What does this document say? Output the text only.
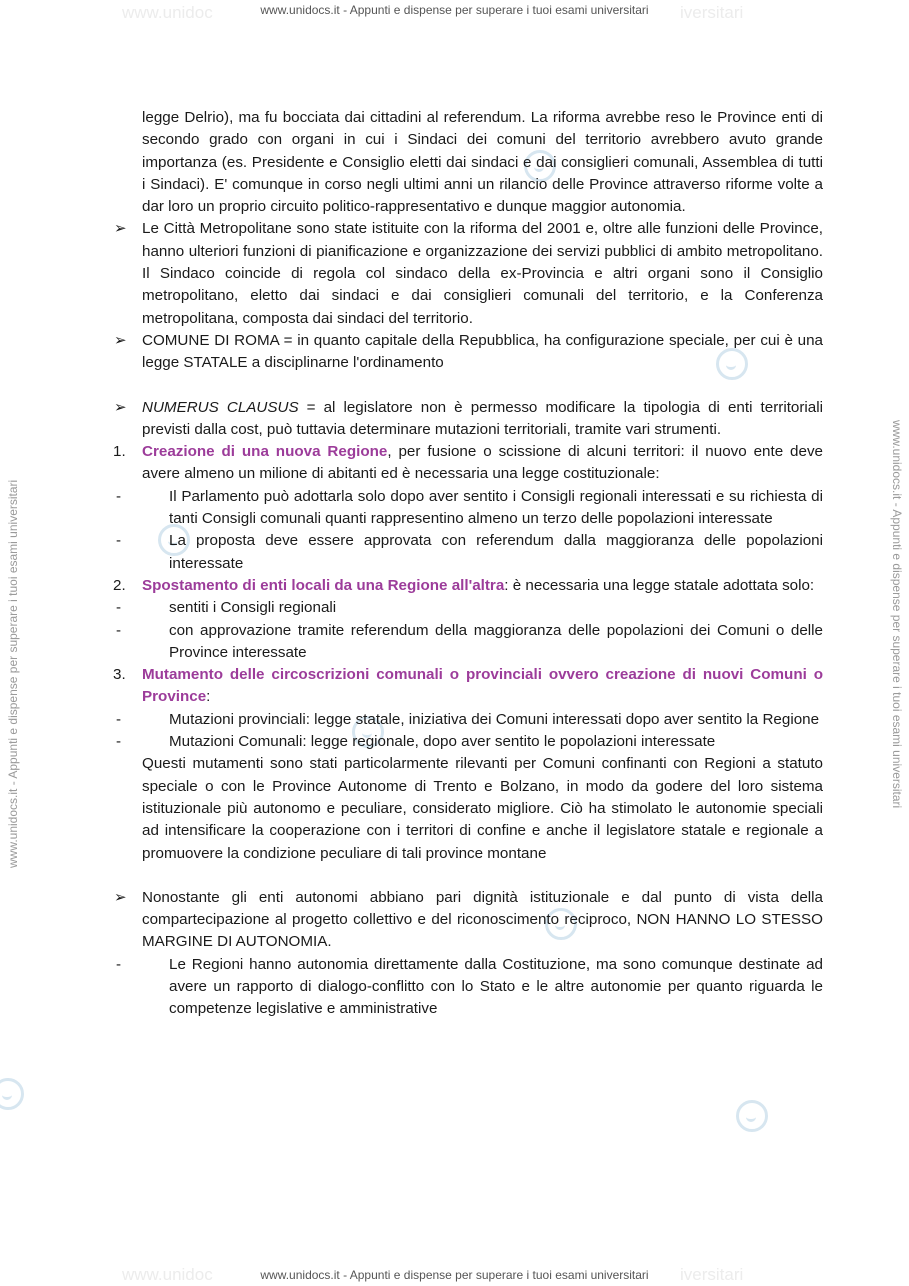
www.unidoc	iversitari
www.unidoc	iversitari
www.unidocs.it - Appunti e dispense per superare i tuoi esami universitari
www.unidocs.it - Appunti e dispense per superare i tuoi esami universitari
www.unidocs.it - Appunti e dispense per superare i tuoi esami universitari	www.unidocs.it - Appunti e dispense per superare i tuoi esami universitari

legge Delrio), ma fu bocciata dai cittadini al referendum. La riforma avrebbe reso le Province enti di secondo grado con organi in cui i Sindaci dei comuni del territorio avrebbero avuto grande importanza (es. Presidente e Consiglio eletti dai sindaci e dai consiglieri comunali, Assemblea di tutti i Sindaci). E' comunque in corso negli ultimi anni un rilancio delle Province attraverso riforme volte a dar loro un proprio circuito politico-rappresentativo e dunque maggior autonomia.

➢ Le Città Metropolitane sono state istituite con la riforma del 2001 e, oltre alle funzioni delle Province, hanno ulteriori funzioni di pianificazione e organizzazione dei servizi pubblici di ambito metropolitano. Il Sindaco coincide di regola col sindaco della ex-Provincia e altri organi sono il Consiglio metropolitano, eletto dai sindaci e dai consiglieri comunali del territorio, e la Conferenza metropolitana, composta dai sindaci del territorio.

➢ COMUNE DI ROMA = in quanto capitale della Repubblica, ha configurazione speciale, per cui è una legge STATALE a disciplinarne l'ordinamento

➢ NUMERUS CLAUSUS = al legislatore non è permesso modificare la tipologia di enti territoriali previsti dalla cost, può tuttavia determinare mutazioni territoriali, tramite vari strumenti.

1. Creazione di una nuova Regione, per fusione o scissione di alcuni territori: il nuovo ente deve avere almeno un milione di abitanti ed è necessaria una legge costituzionale:

-	Il Parlamento può adottarla solo dopo aver sentito i Consigli regionali interessati e su richiesta di tanti Consigli comunali quanti rappresentino almeno un terzo delle popolazioni interessate

-	La proposta deve essere approvata con referendum dalla maggioranza delle popolazioni interessate

2. Spostamento di enti locali da una Regione all'altra: è necessaria una legge statale adottata solo:

-	sentiti i Consigli regionali

-	con approvazione tramite referendum della maggioranza delle popolazioni dei Comuni o delle Province interessate

3. Mutamento delle circoscrizioni comunali o provinciali ovvero creazione di nuovi Comuni o Province:

-	Mutazioni provinciali: legge statale, iniziativa dei Comuni interessati dopo aver sentito la Regione

-	Mutazioni Comunali: legge regionale, dopo aver sentito le popolazioni interessate

Questi mutamenti sono stati particolarmente rilevanti per Comuni confinanti con Regioni a statuto speciale o con le Province Autonome di Trento e Bolzano, in modo da godere del loro sistema istituzionale più autonomo e peculiare, considerato migliore. Ciò ha stimolato le autonomie speciali ad intensificare la cooperazione con i territori di confine e anche il legislatore statale e regionale a promuovere la condizione peculiare di tali province montane

➢ Nonostante gli enti autonomi abbiano pari dignità istituzionale e dal punto di vista della compartecipazione al progetto collettivo e del riconoscimento reciproco, NON HANNO LO STESSO MARGINE DI AUTONOMIA.

-	Le Regioni hanno autonomia direttamente dalla Costituzione, ma sono comunque destinate ad avere un rapporto di dialogo-conflitto con lo Stato e le altre autonomie per quanto riguarda le competenze legislative e amministrative
